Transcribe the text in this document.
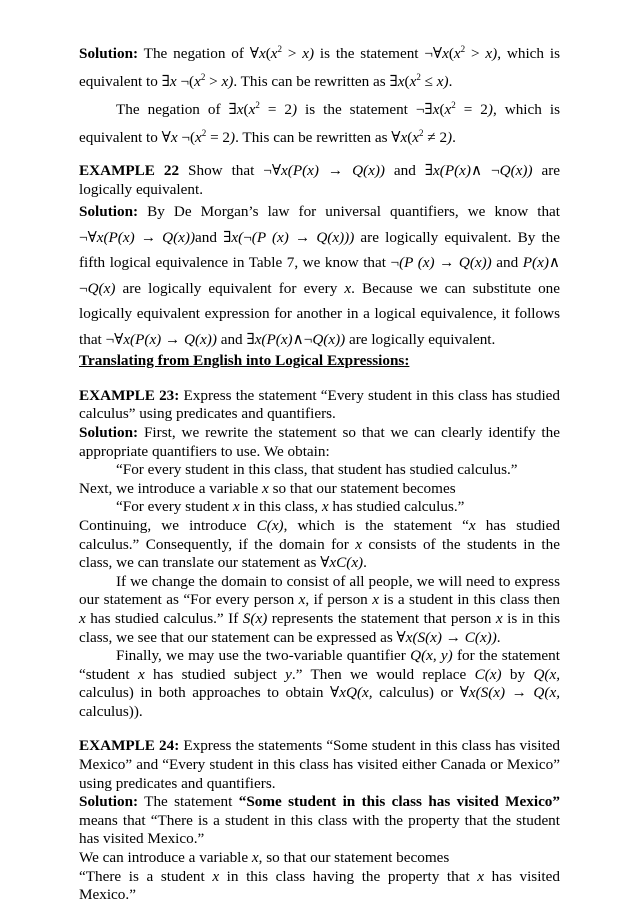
Solution: The negation of $\forall x(x^2 > x)$ is the statement $\neg\forall x(x^2 > x)$, which is equivalent to ∃x $\neg(x^2 > x)$. This can be rewritten as $\exists x(x^2 \le x)$.

The negation of $\exists x(x^2 = 2)$ is the statement $\neg\exists x(x^2 = 2)$, which is equivalent to ∀x $\neg(x^2 = 2)$. This can be rewritten as $\forall x(x^2 \ne 2)$.

EXAMPLE 22 Show that ¬∀x(P(x) → Q(x)) and ∃x(P(x)∧ ¬Q(x)) are logically equivalent.

Solution: By De Morgan’s law for universal quantifiers, we know that ¬∀x(P(x) → Q(x))and ∃x(¬(P (x) → Q(x))) are logically equivalent. By the fifth logical equivalence in Table 7, we know that ¬(P (x) → Q(x)) and P(x)∧ ¬Q(x) are logically equivalent for every x. Because we can substitute one logically equivalent expression for another in a logical equivalence, it follows that ¬∀x(P(x) → Q(x)) and ∃x(P(x)∧¬Q(x)) are logically equivalent.

Translating from English into Logical Expressions:

EXAMPLE 23: Express the statement “Every student in this class has studied calculus” using predicates and quantifiers.

Solution: First, we rewrite the statement so that we can clearly identify the appropriate quantifiers to use. We obtain:

“For every student in this class, that student has studied calculus.”

Next, we introduce a variable x so that our statement becomes

“For every student x in this class, x has studied calculus.”

Continuing, we introduce C(x), which is the statement “x has studied calculus.” Consequently, if the domain for x consists of the students in the class, we can translate our statement as ∀xC(x).

If we change the domain to consist of all people, we will need to express our statement as “For every person x, if person x is a student in this class then x has studied calculus.” If S(x) represents the statement that person x is in this class, we see that our statement can be expressed as ∀x(S(x) → C(x)).

Finally, we may use the two-variable quantifier Q(x, y) for the statement “student x has studied subject y.” Then we would replace C(x) by Q(x, calculus) in both approaches to obtain ∀xQ(x, calculus) or ∀x(S(x) → Q(x, calculus)).

EXAMPLE 24: Express the statements “Some student in this class has visited Mexico” and “Every student in this class has visited either Canada or Mexico” using predicates and quantifiers.

Solution: The statement “Some student in this class has visited Mexico” means that “There is a student in this class with the property that the student has visited Mexico.”

We can introduce a variable x, so that our statement becomes

“There is a student x in this class having the property that x has visited Mexico.”
